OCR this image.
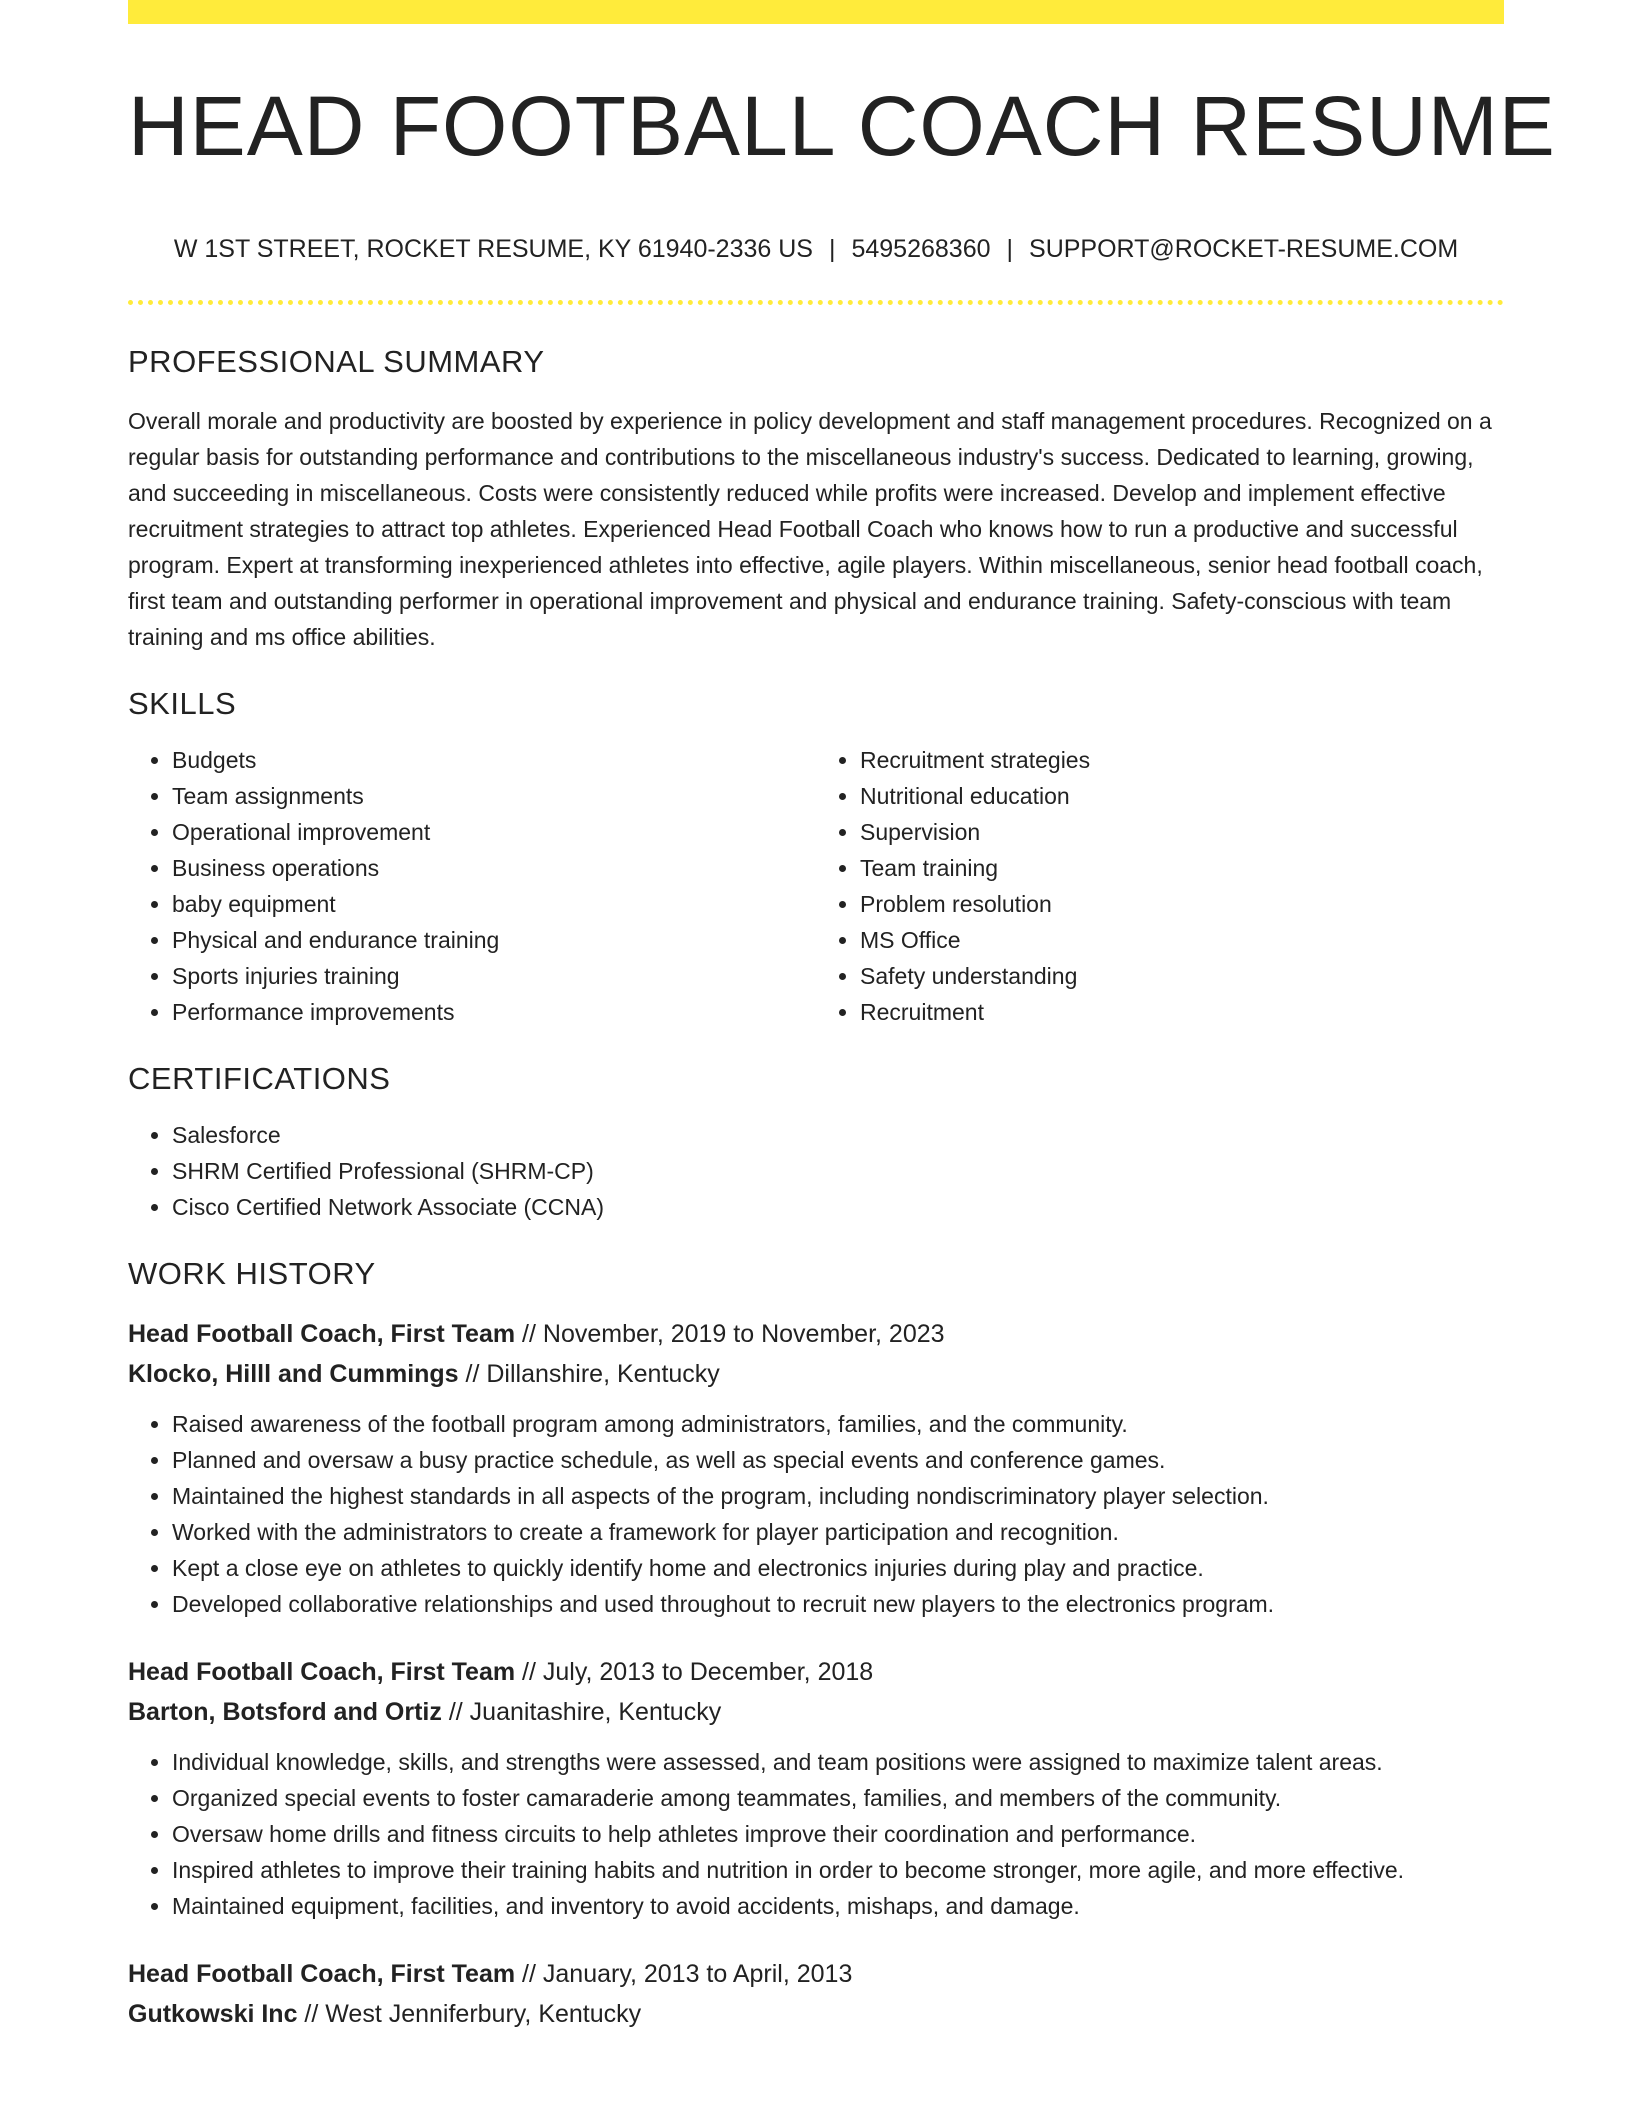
HEAD FOOTBALL COACH RESUME
W 1ST STREET, ROCKET RESUME, KY 61940-2336 US | 5495268360 | SUPPORT@ROCKET-RESUME.COM
PROFESSIONAL SUMMARY

Overall morale and productivity are boosted by experience in policy development and staff management procedures. Recognized on a regular basis for outstanding performance and contributions to the miscellaneous industry's success. Dedicated to learning, growing, and succeeding in miscellaneous. Costs were consistently reduced while profits were increased. Develop and implement effective recruitment strategies to attract top athletes. Experienced Head Football Coach who knows how to run a productive and successful program. Expert at transforming inexperienced athletes into effective, agile players. Within miscellaneous, senior head football coach, first team and outstanding performer in operational improvement and physical and endurance training. Safety-conscious with team training and ms office abilities.

SKILLS
• Budgets
• Team assignments
• Operational improvement
• Business operations
• baby equipment
• Physical and endurance training
• Sports injuries training
• Performance improvements
• Recruitment strategies
• Nutritional education
• Supervision
• Team training
• Problem resolution
• MS Office
• Safety understanding
• Recruitment
CERTIFICATIONS
• Salesforce
• SHRM Certified Professional (SHRM-CP)
• Cisco Certified Network Associate (CCNA)
WORK HISTORY
Head Football Coach, First Team // November, 2019 to November, 2023
Klocko, Hilll and Cummings // Dillanshire, Kentucky
• Raised awareness of the football program among administrators, families, and the community.
• Planned and oversaw a busy practice schedule, as well as special events and conference games.
• Maintained the highest standards in all aspects of the program, including nondiscriminatory player selection.
• Worked with the administrators to create a framework for player participation and recognition.
• Kept a close eye on athletes to quickly identify home and electronics injuries during play and practice.
• Developed collaborative relationships and used throughout to recruit new players to the electronics program.
Head Football Coach, First Team // July, 2013 to December, 2018
Barton, Botsford and Ortiz // Juanitashire, Kentucky
• Individual knowledge, skills, and strengths were assessed, and team positions were assigned to maximize talent areas.
• Organized special events to foster camaraderie among teammates, families, and members of the community.
• Oversaw home drills and fitness circuits to help athletes improve their coordination and performance.
• Inspired athletes to improve their training habits and nutrition in order to become stronger, more agile, and more effective.
• Maintained equipment, facilities, and inventory to avoid accidents, mishaps, and damage.
Head Football Coach, First Team // January, 2013 to April, 2013
Gutkowski Inc // West Jenniferbury, Kentucky
